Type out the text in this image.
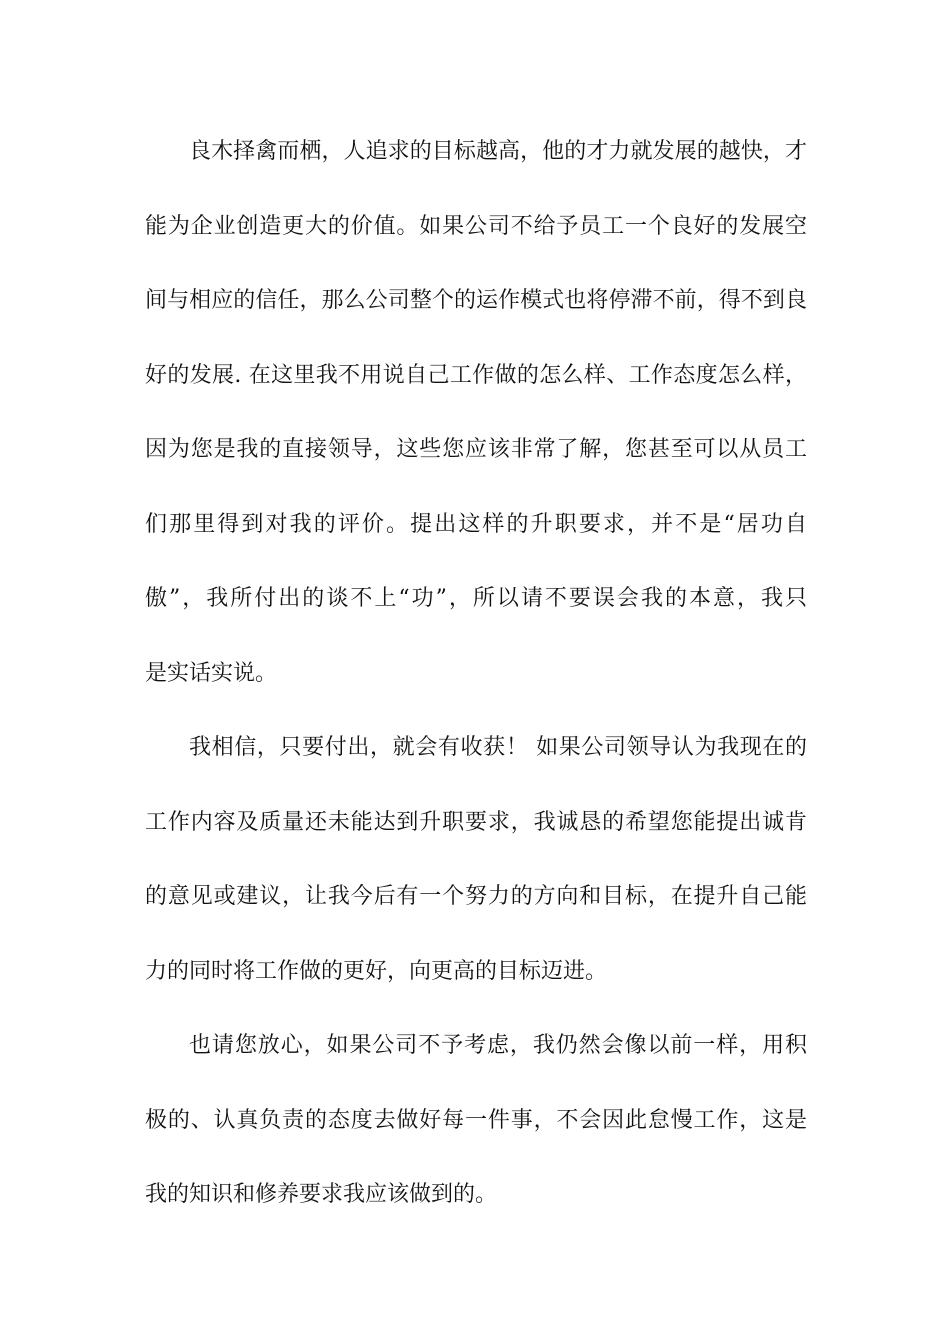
良木择禽而栖，人追求的目标越高，他的才力就发展的越快，才
能为企业创造更大的价值。如果公司不给予员工一个良好的发展空
间与相应的信任，那么公司整个的运作模式也将停滞不前，得不到良
好的发展. 在这里我不用说自己工作做的怎么样、工作态度怎么样，
因为您是我的直接领导，这些您应该非常了解，您甚至可以从员工
们那里得到对我的评价。提出这样的升职要求，并不是“居功自
傲”，我所付出的谈不上“功”，所以请不要误会我的本意，我只
是实话实说。
我相信，只要付出，就会有收获！ 如果公司领导认为我现在的
工作内容及质量还未能达到升职要求，我诚恳的希望您能提出诚肯
的意见或建议，让我今后有一个努力的方向和目标，在提升自己能
力的同时将工作做的更好，向更高的目标迈进。
也请您放心，如果公司不予考虑，我仍然会像以前一样，用积
极的、认真负责的态度去做好每一件事，不会因此怠慢工作，这是
我的知识和修养要求我应该做到的。
